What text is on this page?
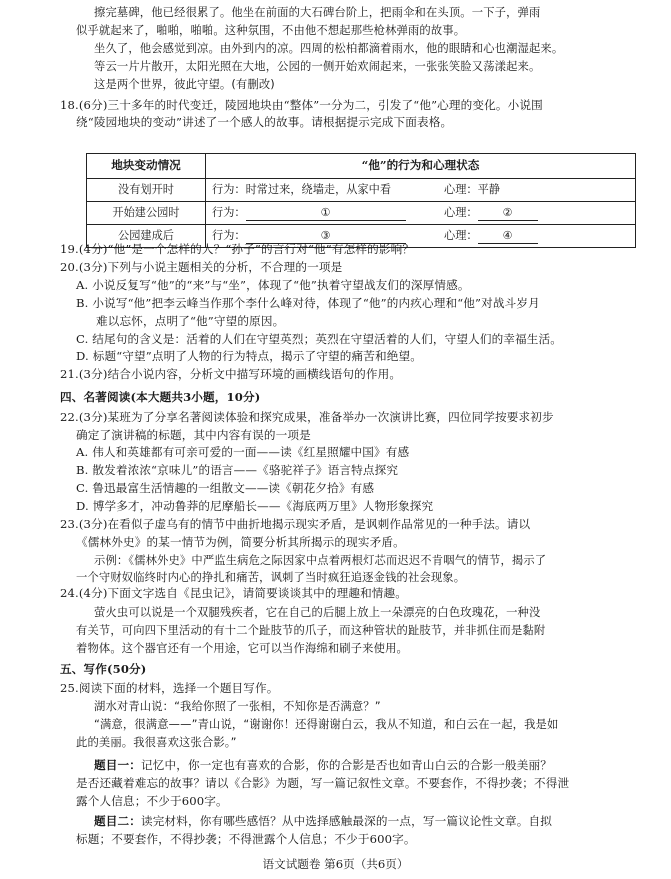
擦完墓碑，他已经很累了。他坐在前面的大石碑台阶上，把雨伞和在头顶。一下子，弹雨
似乎就起来了，啪啪，啪啪。这种氛围，不由他不想起那些枪林弹雨的故事。
坐久了，他会感觉到凉。由外到内的凉。四周的松柏都滴着雨水，他的眼睛和心也潮湿起来。
等云一片片散开，太阳光照在大地，公园的一侧开始欢闹起来，一张张笑脸又荡漾起来。
这是两个世界，彼此守望。(有删改)
18.(6分)三十多年的时代变迁，陵园地块由“整体”一分为二，引发了“他”心理的变化。小说围
绕“陵园地块的变动”讲述了一个感人的故事。请根据提示完成下面表格。
地块变动情况	“他”的行为和心理状态
没有划开时	行为：时常过来，绕墙走，从家中看 心理：平静
开始建公园时	行为： ① 心理： ②
公园建成后	行为： ③ 心理： ④
19.(4分)“他”是一个怎样的人？“孙子”的言行对“他”有怎样的影响？
20.(3分)下列与小说主题相关的分析，不合理的一项是
A. 小说反复写“他”的“来”与“坐”，体现了“他”执着守望战友们的深厚情感。
B. 小说写“他”把李云峰当作那个李什么峰对待，体现了“他”的内疚心理和“他”对战斗岁月
难以忘怀，点明了“他”守望的原因。
C. 结尾句的含义是：活着的人们在守望英烈；英烈在守望活着的人们，守望人们的幸福生活。
D. 标题“守望”点明了人物的行为特点，揭示了守望的痛苦和绝望。
21.(3分)结合小说内容，分析文中描写环境的画横线语句的作用。
四、名著阅读(本大题共3小题，10分)
22.(3分)某班为了分享名著阅读体验和探究成果，准备举办一次演讲比赛，四位同学按要求初步
确定了演讲稿的标题，其中内容有误的一项是
A. 伟人和英雄都有可亲可爱的一面——读《红星照耀中国》有感
B. 散发着浓浓“京味儿”的语言——《骆驼祥子》语言特点探究
C. 鲁迅最富生活情趣的一组散文——读《朝花夕拾》有感
D. 博学多才，冲动鲁莽的尼摩船长——《海底两万里》人物形象探究
23.(3分)在看似子虚乌有的情节中曲折地揭示现实矛盾，是讽刺作品常见的一种手法。请以
《儒林外史》的某一情节为例，简要分析其所揭示的现实矛盾。
示例：《儒林外史》中严监生病危之际因家中点着两根灯芯而迟迟不肯咽气的情节，揭示了
一个守财奴临终时内心的挣扎和痛苦，讽刺了当时疯狂追逐金钱的社会现象。
24.(4分)下面文字选自《昆虫记》，请简要谈谈其中的理趣和情趣。
萤火虫可以说是一个双腿残疾者，它在自己的后腿上放上一朵漂亮的白色玫瑰花，一种没
有关节，可向四下里活动的有十二个趾肢节的爪子，而这种管状的趾肢节，并非抓住而是黏附
着物体。这个器官还有一个用途，它可以当作海绵和刷子来使用。
五、写作(50分)
25.阅读下面的材料，选择一个题目写作。
湖水对青山说：“我给你照了一张相，不知你是否满意？”
“满意，很满意——”青山说，“谢谢你！还得谢谢白云，我从不知道，和白云在一起，我是如
此的美丽。我很喜欢这张合影。”
题目一：记忆中，你一定也有喜欢的合影，你的合影是否也如青山白云的合影一般美丽？
是否还藏着难忘的故事？请以《合影》为题，写一篇记叙性文章。不要套作，不得抄袭；不得泄
露个人信息；不少于600字。
语文试题卷 第6页（共6页）
题目二：读完材料，你有哪些感悟？从中选择感触最深的一点，写一篇议论性文章。自拟
标题；不要套作，不得抄袭；不得泄露个人信息；不少于600字。
